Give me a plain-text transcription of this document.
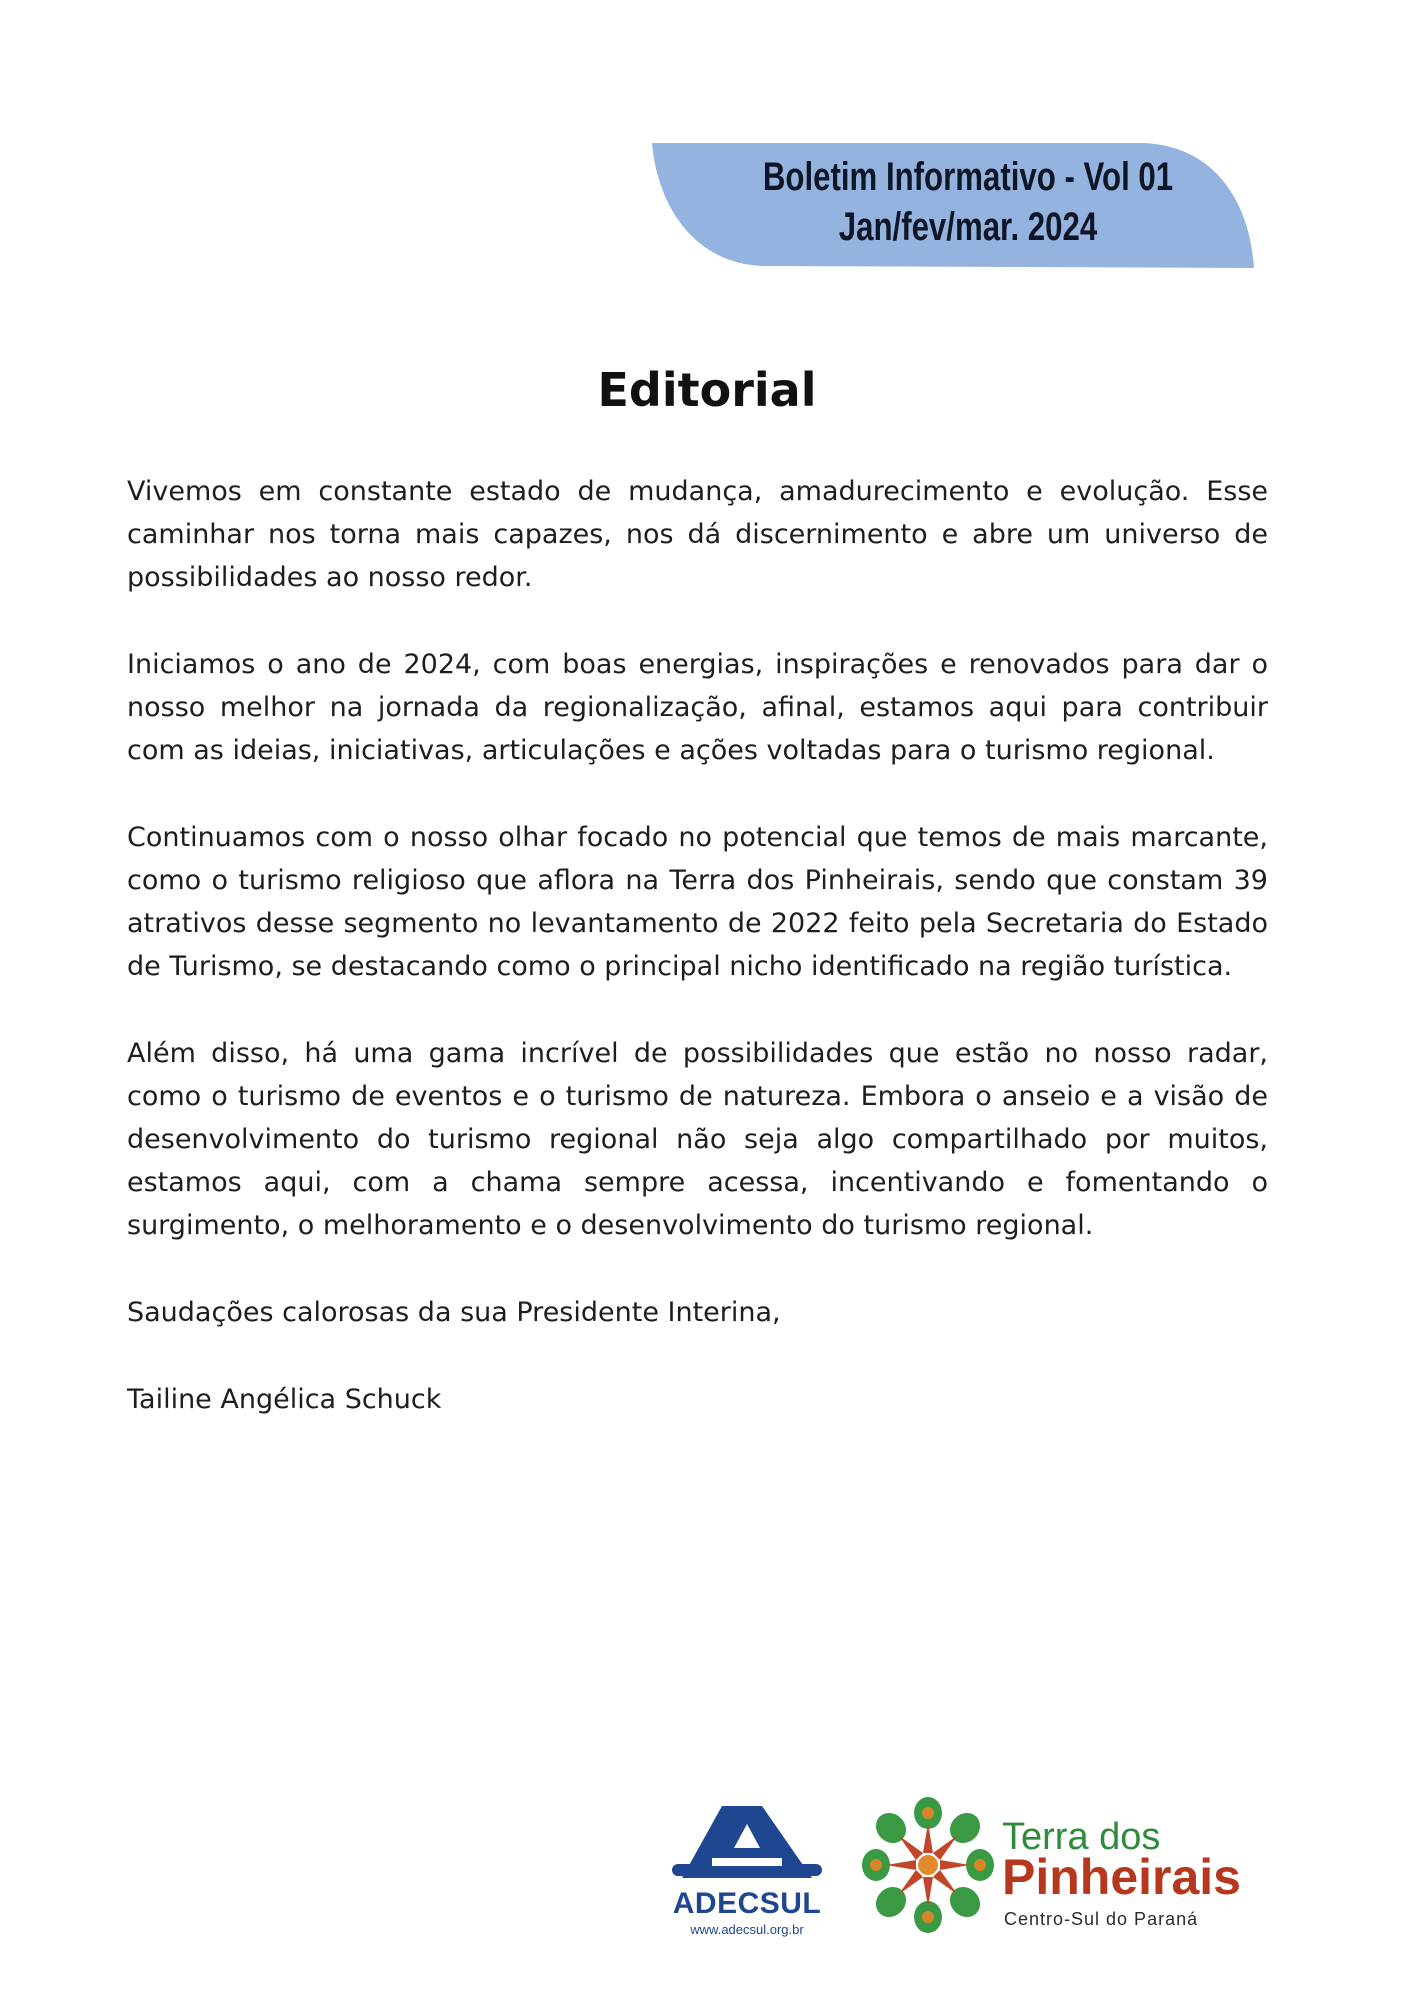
Boletim Informativo - Vol 01
Jan/fev/mar. 2024
Editorial

Vivemos em constante estado de mudança, amadurecimento e evolução. Esse caminhar nos torna mais capazes, nos dá discernimento e abre um universo de possibilidades ao nosso redor.

Iniciamos o ano de 2024, com boas energias, inspirações e renovados para dar o nosso melhor na jornada da regionalização, afinal, estamos aqui para contribuir com as ideias, iniciativas, articulações e ações voltadas para o turismo regional.

Continuamos com o nosso olhar focado no potencial que temos de mais marcante, como o turismo religioso que aflora na Terra dos Pinheirais, sendo que constam 39 atrativos desse segmento no levantamento de 2022 feito pela Secretaria do Estado de Turismo, se destacando como o principal nicho identificado na região turística.

Além disso, há uma gama incrível de possibilidades que estão no nosso radar, como o turismo de eventos e o turismo de natureza. Embora o anseio e a visão de desenvolvimento do turismo regional não seja algo compartilhado por muitos, estamos aqui, com a chama sempre acessa, incentivando e fomentando o surgimento, o melhoramento e o desenvolvimento do turismo regional.

Saudações calorosas da sua Presidente Interina,

Tailine Angélica Schuck

ADECSUL
www.adecsul.org.br
Terra dos
Pinheirais
Centro-Sul do Paraná
